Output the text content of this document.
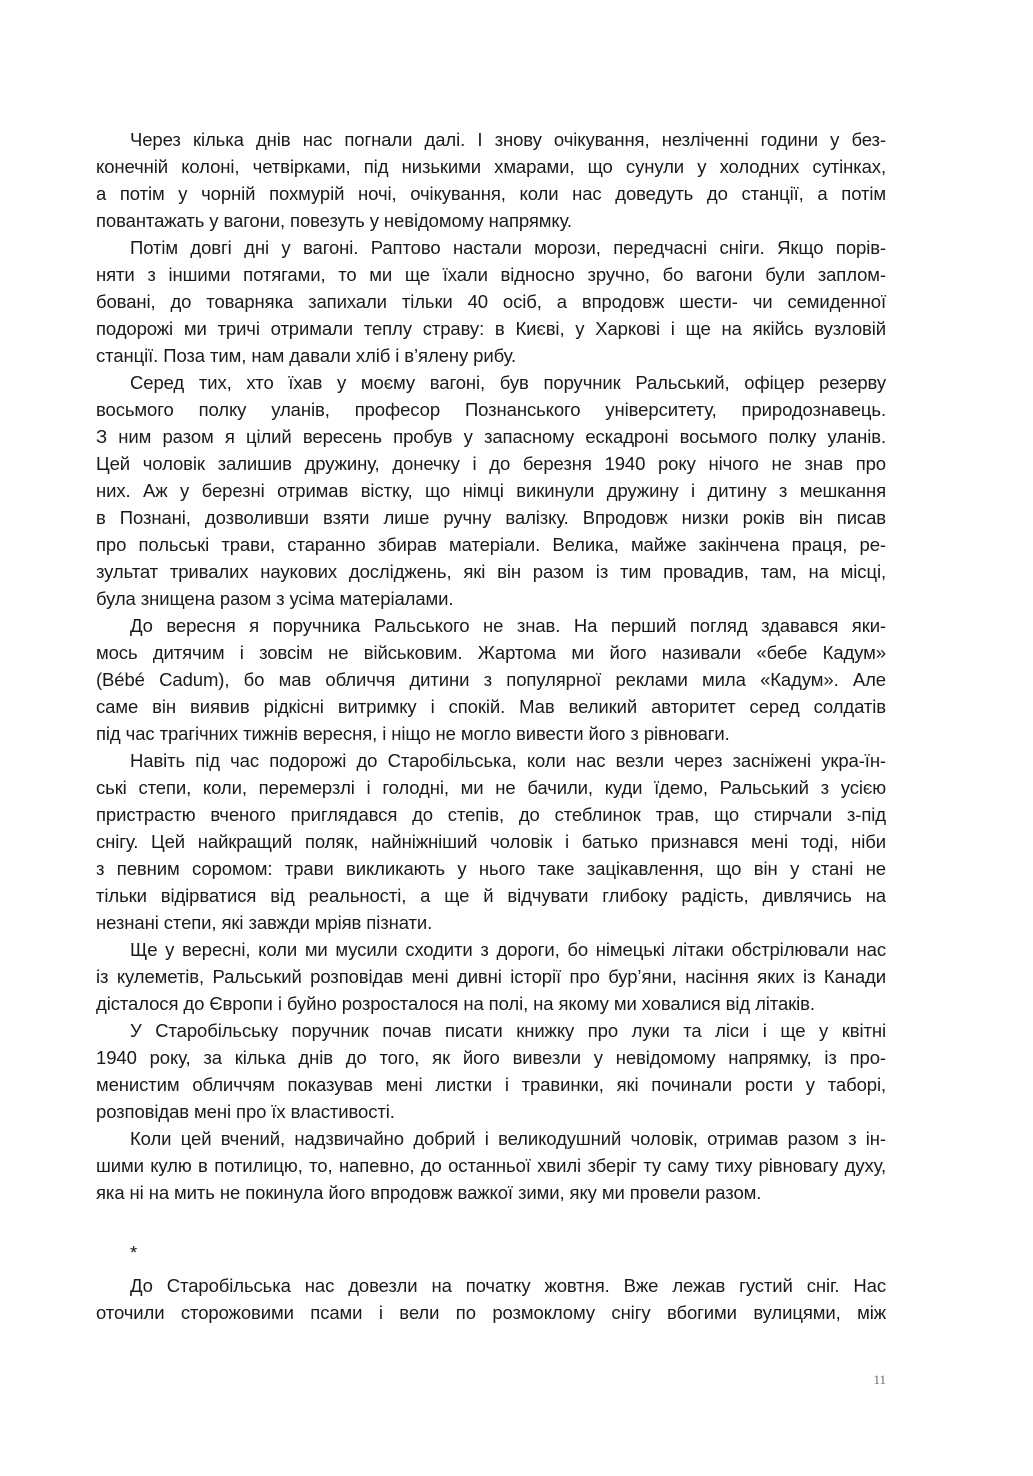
Через кілька днів нас погнали далі. І знову очікування, незліченні години у без-
конечній колоні, четвірками, під низькими хмарами, що сунули у холодних сутінках,
а потім у чорній похмурій ночі, очікування, коли нас доведуть до станції, а потім
повантажать у вагони, повезуть у невідомому напрямку.
Потім довгі дні у вагоні. Раптово настали морози, передчасні сніги. Якщо порів-
няти з іншими потягами, то ми ще їхали відносно зручно, бо вагони були заплом-
бовані, до товарняка запихали тільки 40 осіб, а впродовж шести- чи семиденної
подорожі ми тричі отримали теплу страву: в Києві, у Харкові і ще на якійсь вузловій
станції. Поза тим, нам давали хліб і в’ялену рибу.
Серед тих, хто їхав у моєму вагоні, був поручник Ральський, офіцер резерву
восьмого полку уланів, професор Познанського університету, природознавець.
З ним разом я цілий вересень пробув у запасному ескадроні восьмого полку уланів.
Цей чоловік залишив дружину, донечку і до березня 1940 року нічого не знав про
них. Аж у березні отримав вістку, що німці викинули дружину і дитину з мешкання
в Познані, дозволивши взяти лише ручну валізку. Впродовж низки років він писав
про польські трави, старанно збирав матеріали. Велика, майже закінчена праця, ре-
зультат тривалих наукових досліджень, які він разом із тим провадив, там, на місці,
була знищена разом з усіма матеріалами.
До вересня я поручника Ральського не знав. На перший погляд здавався яки-
мось дитячим і зовсім не військовим. Жартома ми його називали «бебе Кадум»
(Bébé Cadum), бо мав обличчя дитини з популярної реклами мила «Кадум». Але
саме він виявив рідкісні витримку і спокій. Мав великий авторитет серед солдатів
під час трагічних тижнів вересня, і ніщо не могло вивести його з рівноваги.
Навіть під час подорожі до Старобільська, коли нас везли через засніжені укра-їн-
ські степи, коли, перемерзлі і голодні, ми не бачили, куди їдемо, Ральський з усією
пристрастю вченого приглядався до степів, до стеблинок трав, що стирчали з-під
снігу. Цей найкращий поляк, найніжніший чоловік і батько признався мені тоді, ніби
з певним соромом: трави викликають у нього таке зацікавлення, що він у стані не
тільки відірватися від реальності, а ще й відчувати глибоку радість, дивлячись на
незнані степи, які завжди мріяв пізнати.
Ще у вересні, коли ми мусили сходити з дороги, бо німецькі літаки обстрілювали нас
із кулеметів, Ральський розповідав мені дивні історії про бур’яни, насіння яких із Канади
дісталося до Європи і буйно розросталося на полі, на якому ми ховалися від літаків.
У Старобільську поручник почав писати книжку про луки та ліси і ще у квітні
1940 року, за кілька днів до того, як його вивезли у невідомому напрямку, із про-
менистим обличчям показував мені листки і травинки, які починали рости у таборі,
розповідав мені про їх властивості.
Коли цей вчений, надзвичайно добрий і великодушний чоловік, отримав разом з ін-
шими кулю в потилицю, то, напевно, до останньої хвилі зберіг ту саму тиху рівновагу духу,
яка ні на мить не покинула його впродовж важкої зими, яку ми провели разом.
*
До Старобільська нас довезли на початку жовтня. Вже лежав густий сніг. Нас
оточили сторожовими псами і вели по розмоклому снігу вбогими вулицями, між
11
